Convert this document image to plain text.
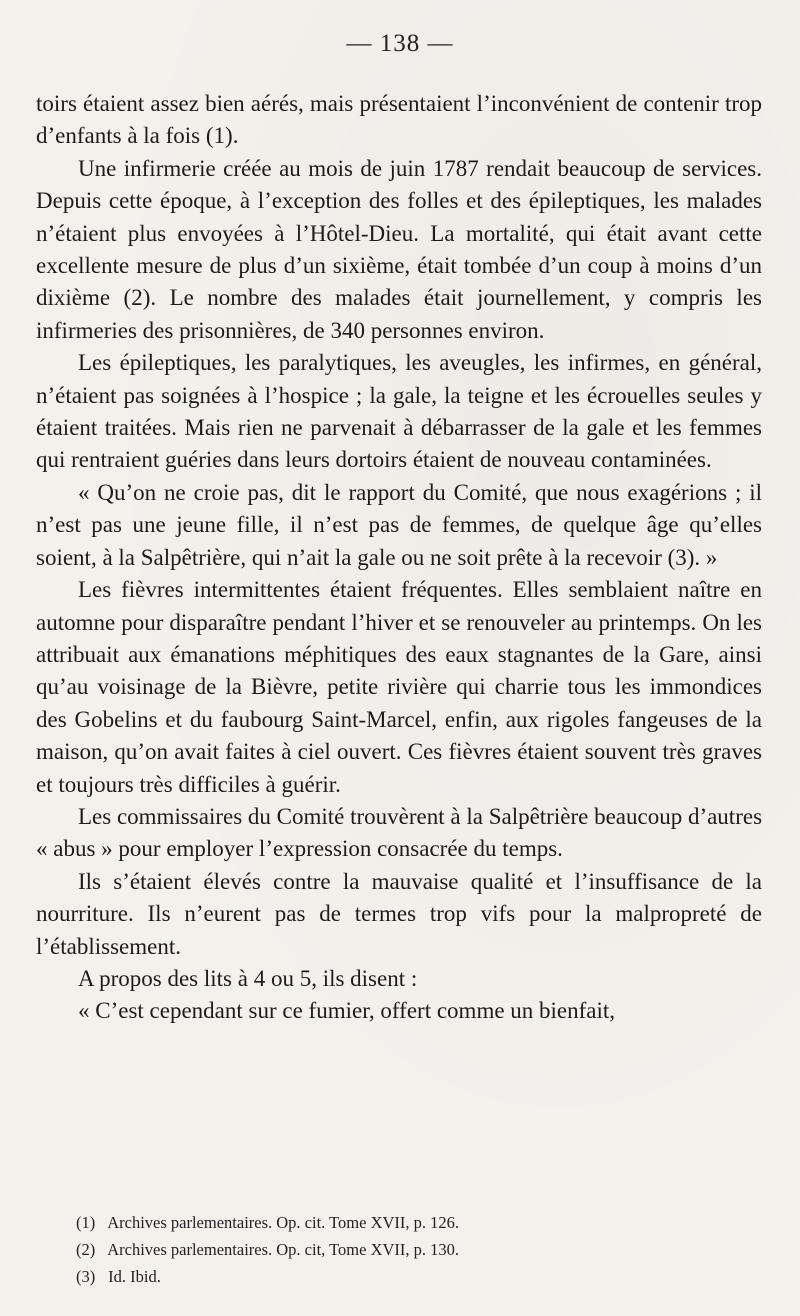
— 138 —

toirs étaient assez bien aérés, mais présentaient l’inconvénient de contenir trop d’enfants à la fois (1).

Une infirmerie créée au mois de juin 1787 rendait beaucoup de services. Depuis cette époque, à l’exception des folles et des épileptiques, les malades n’étaient plus envoyées à l’Hôtel-Dieu. La mortalité, qui était avant cette excellente mesure de plus d’un sixième, était tombée d’un coup à moins d’un dixième (2). Le nombre des malades était journellement, y compris les infirmeries des prisonnières, de 340 personnes environ.

Les épileptiques, les paralytiques, les aveugles, les infirmes, en général, n’étaient pas soignées à l’hospice ; la gale, la teigne et les écrouelles seules y étaient traitées. Mais rien ne parvenait à débarrasser de la gale et les femmes qui rentraient guéries dans leurs dortoirs étaient de nouveau contaminées.

« Qu’on ne croie pas, dit le rapport du Comité, que nous exagérions ; il n’est pas une jeune fille, il n’est pas de femmes, de quelque âge qu’elles soient, à la Salpêtrière, qui n’ait la gale ou ne soit prête à la recevoir (3). »

Les fièvres intermittentes étaient fréquentes. Elles semblaient naître en automne pour disparaître pendant l’hiver et se renouveler au printemps. On les attribuait aux émanations méphitiques des eaux stagnantes de la Gare, ainsi qu’au voisinage de la Bièvre, petite rivière qui charrie tous les immondices des Gobelins et du faubourg Saint-Marcel, enfin, aux rigoles fangeuses de la maison, qu’on avait faites à ciel ouvert. Ces fièvres étaient souvent très graves et toujours très difficiles à guérir.

Les commissaires du Comité trouvèrent à la Salpêtrière beaucoup d’autres « abus » pour employer l’expression consacrée du temps.

Ils s’étaient élevés contre la mauvaise qualité et l’insuffisance de la nourriture. Ils n’eurent pas de termes trop vifs pour la malpropreté de l’établissement.

A propos des lits à 4 ou 5, ils disent :

« C’est cependant sur ce fumier, offert comme un bienfait,

(1) Archives parlementaires. Op. cit. Tome XVII, p. 126.
(2) Archives parlementaires. Op. cit, Tome XVII, p. 130.
(3) Id. Ibid.
